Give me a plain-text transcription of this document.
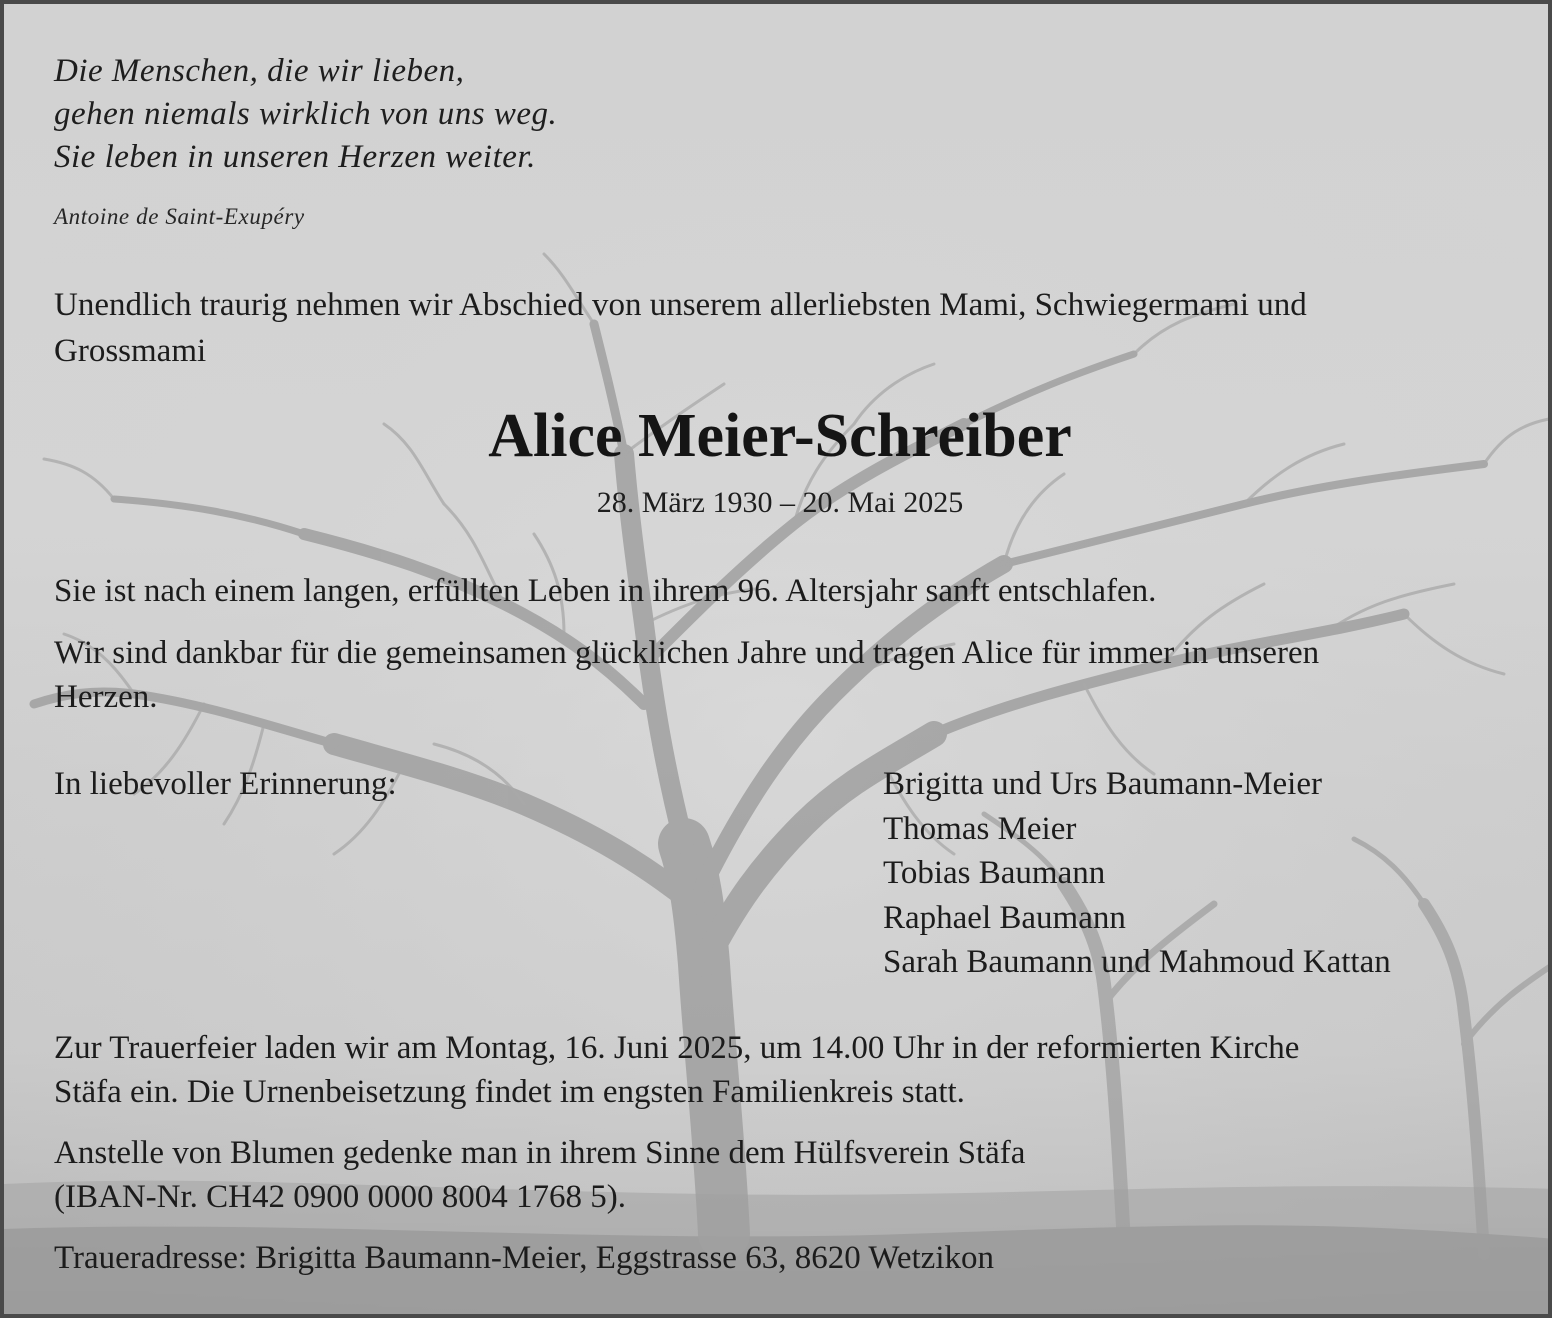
Die Menschen, die wir lieben,
gehen niemals wirklich von uns weg.
Sie leben in unseren Herzen weiter.
Antoine de Saint-Exupéry
Unendlich traurig nehmen wir Abschied von unserem allerliebsten Mami, Schwiegermami und
Grossmami
Alice Meier-Schreiber
28. März 1930 – 20. Mai 2025
Sie ist nach einem langen, erfüllten Leben in ihrem 96. Altersjahr sanft entschlafen.
Wir sind dankbar für die gemeinsamen glücklichen Jahre und tragen Alice für immer in unseren
Herzen.
In liebevoller Erinnerung:	Brigitta und Urs Baumann-Meier
Thomas Meier
Tobias Baumann
Raphael Baumann
Sarah Baumann und Mahmoud Kattan
Zur Trauerfeier laden wir am Montag, 16. Juni 2025, um 14.00 Uhr in der reformierten Kirche
Stäfa ein. Die Urnenbeisetzung findet im engsten Familienkreis statt.
Anstelle von Blumen gedenke man in ihrem Sinne dem Hülfsverein Stäfa
(IBAN-Nr. CH42 0900 0000 8004 1768 5).
Traueradresse: Brigitta Baumann-Meier, Eggstrasse 63, 8620 Wetzikon
